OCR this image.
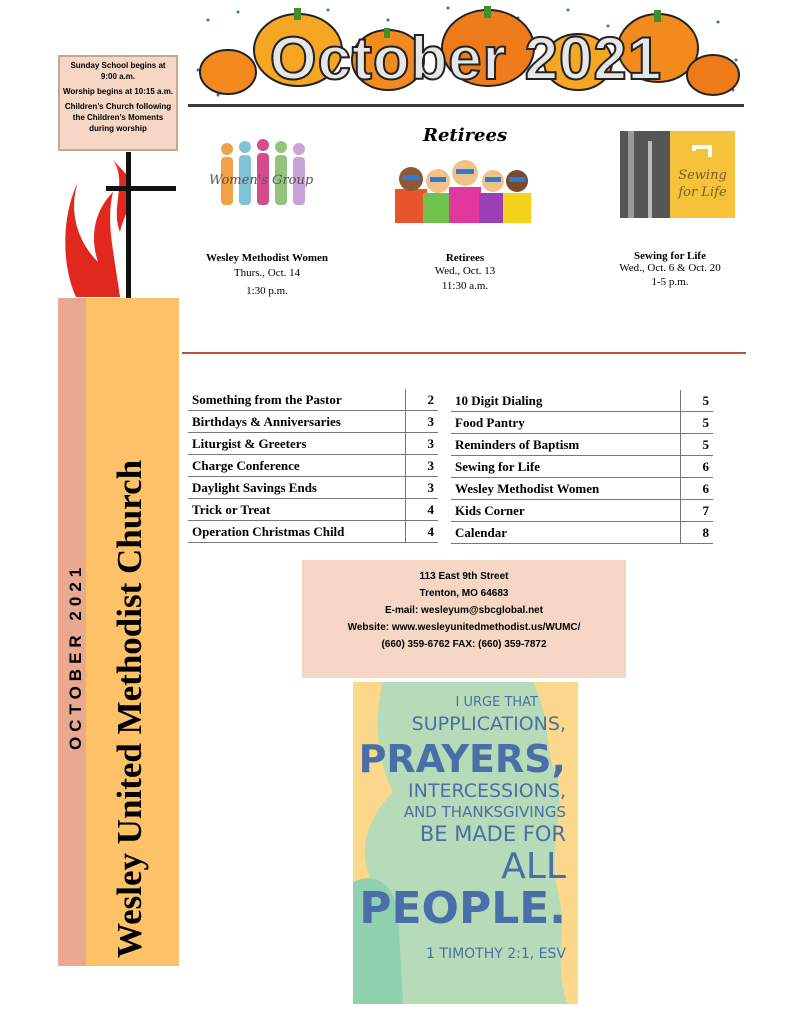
Sunday School begins at 9:00 a.m.

Worship begins at 10:15 a.m.

Children’s Church following the Children’s Moments during worship

OCTOBER 2021 Wesley United Methodist Church
October 2021
Women's Group
Retirees
Sewing for Life
Wesley Methodist Women
Thurs., Oct. 14
1:30 p.m.
Retirees
Wed., Oct. 13
11:30 a.m.
Sewing for Life
Wed., Oct. 6 & Oct. 20
1-5 p.m.
Something from the Pastor	2
Birthdays & Anniversaries	3
Liturgist & Greeters	3
Charge Conference	3
Daylight Savings Ends	3
Trick or Treat	4
Operation Christmas Child	4
10 Digit Dialing	5
Food Pantry	5
Reminders of Baptism	5
Sewing for Life	6
Wesley Methodist Women	6
Kids Corner	7
Calendar	8
113 East 9th Street
Trenton, MO 64683
E-mail: wesleyum@sbcglobal.net
Website: www.wesleyunitedmethodist.us/WUMC/
(660) 359-6762 FAX: (660) 359-7872
I URGE THAT
SUPPLICATIONS,
PRAYERS,
INTERCESSIONS,
AND THANKSGIVINGS
BE MADE FOR
ALL
PEOPLE.
1 TIMOTHY 2:1, ESV
